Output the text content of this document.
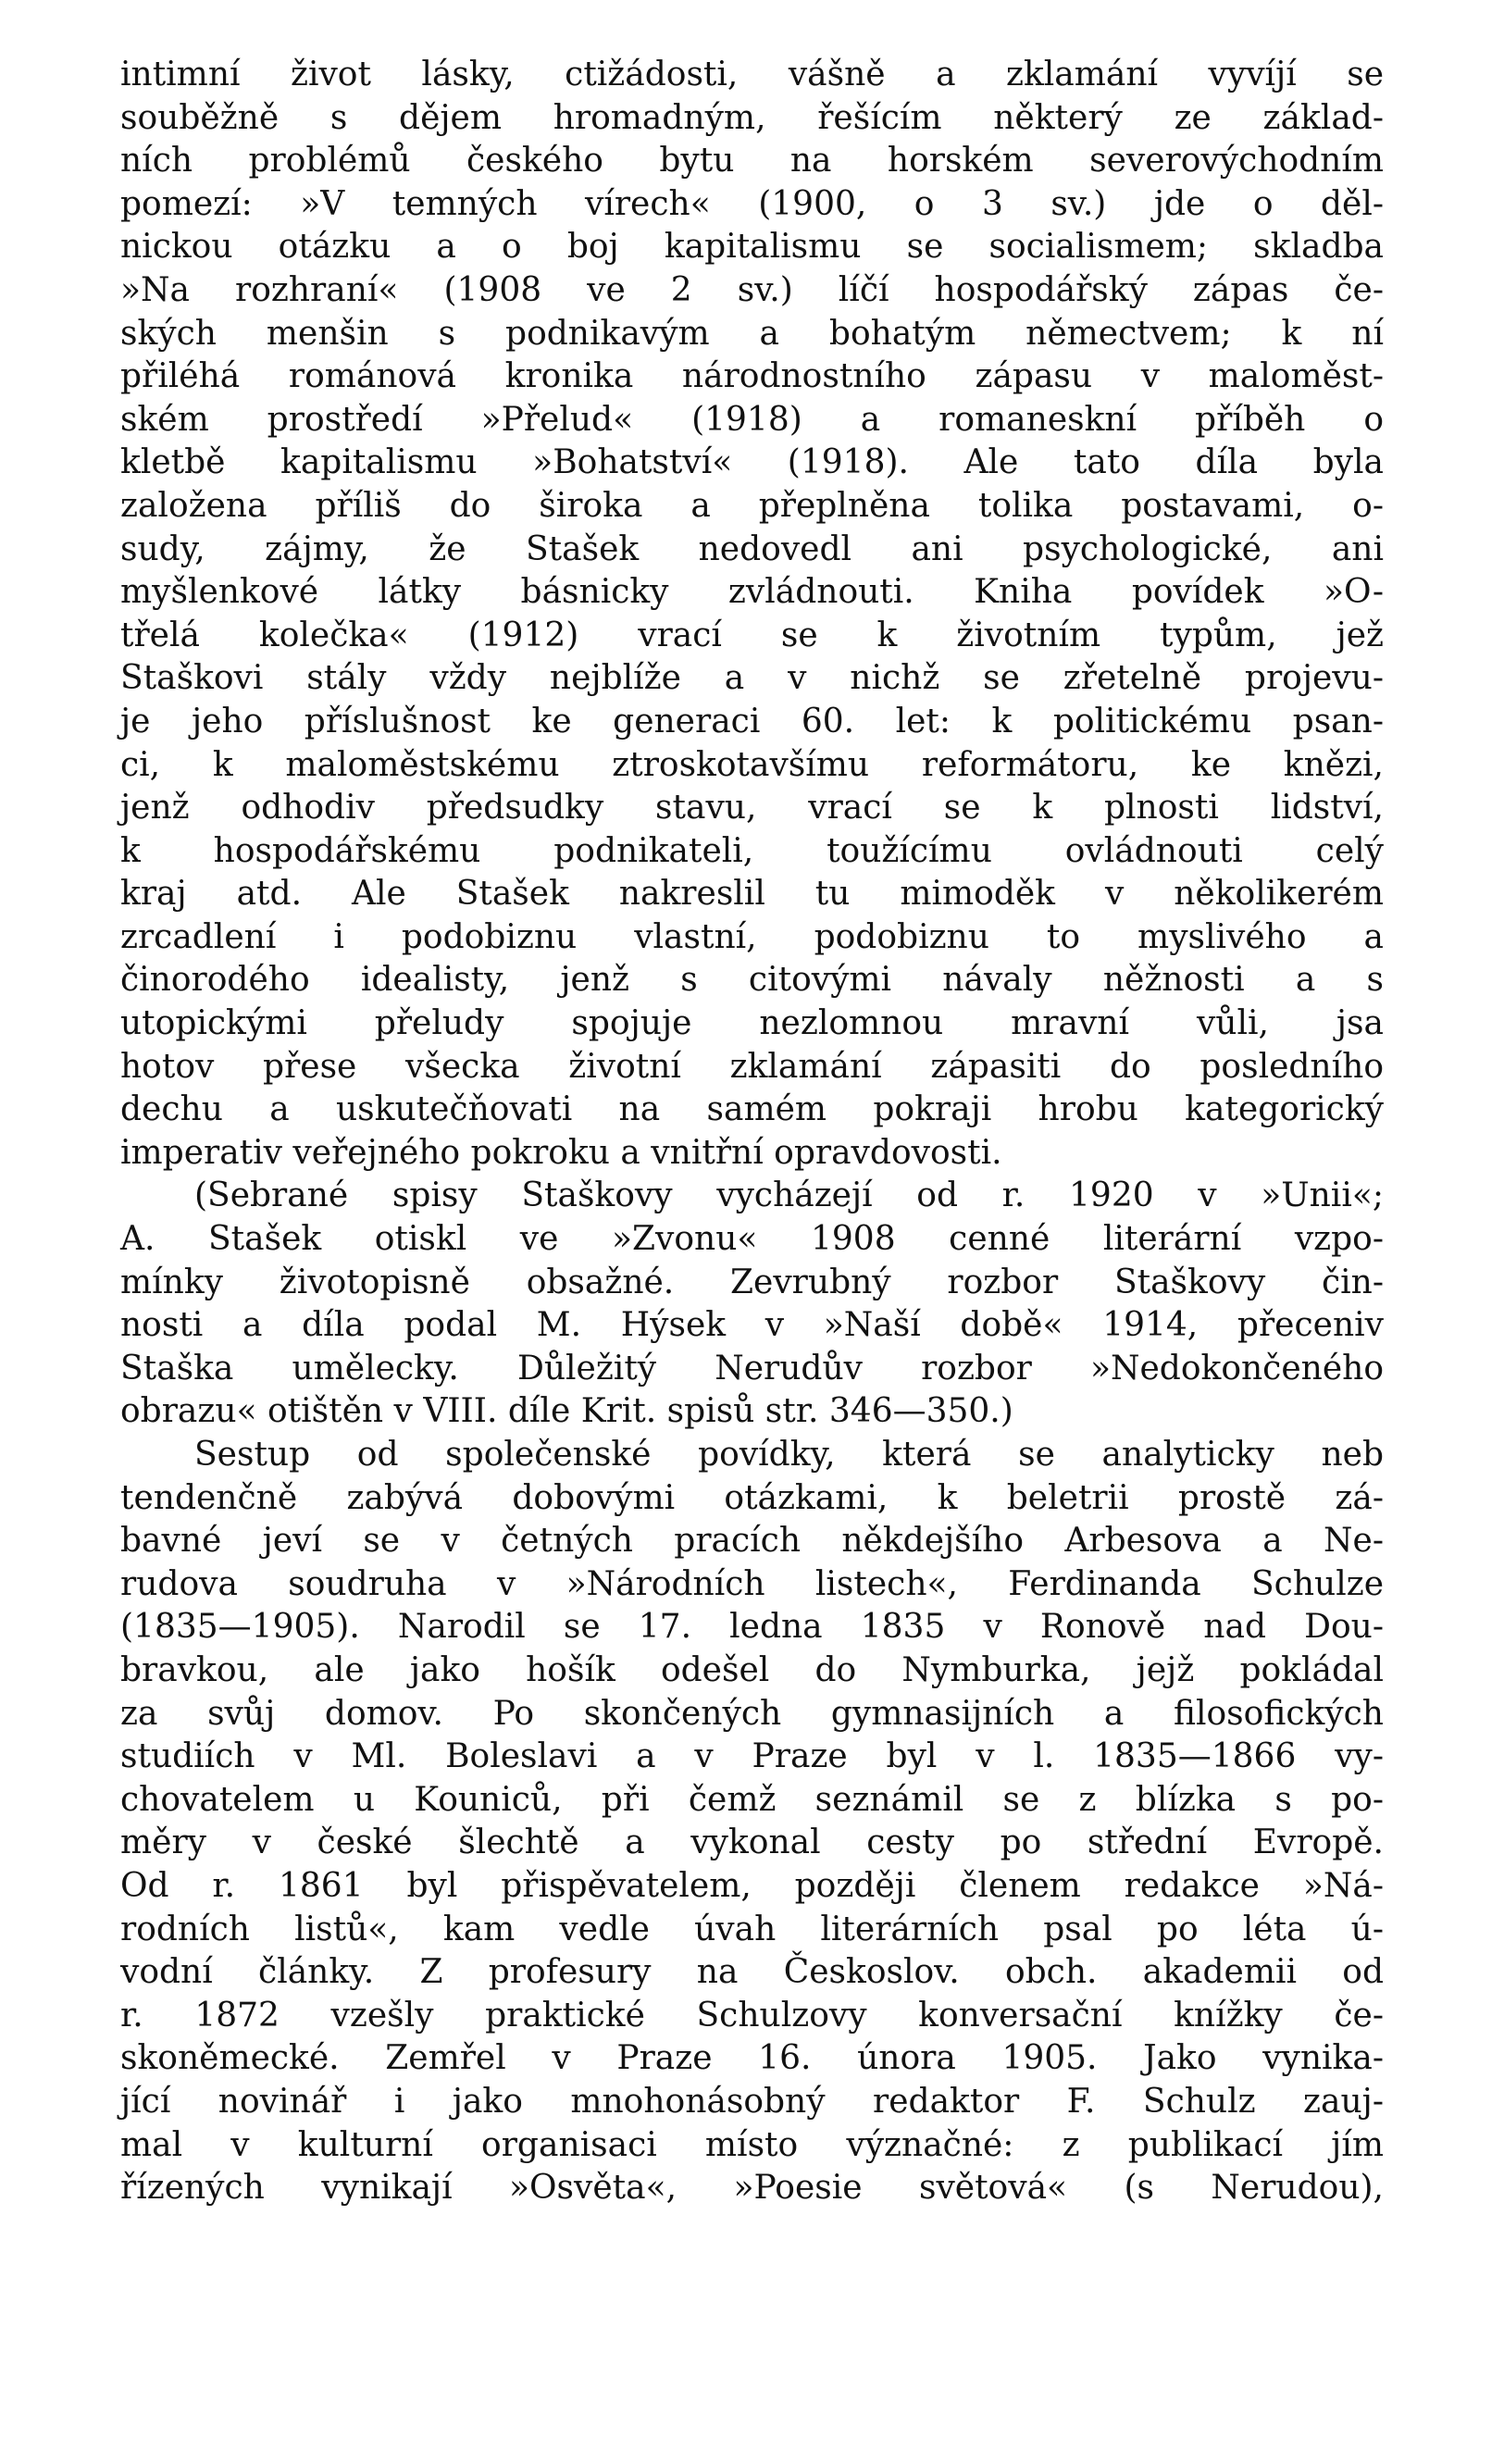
intimní život lásky, ctižádosti, vášně a zklamání vyvíjí se
souběžně s dějem hromadným, řešícím některý ze základ-
ních problémů českého bytu na horském severovýchodním
pomezí: »V temných vírech« (1900, o 3 sv.) jde o děl-
nickou otázku a o boj kapitalismu se socialismem; skladba
»Na rozhraní« (1908 ve 2 sv.) líčí hospodářský zápas če-
ských menšin s podnikavým a bohatým němectvem; k ní
přiléhá románová kronika národnostního zápasu v maloměst-
ském prostředí »Přelud« (1918) a romaneskní příběh o
kletbě kapitalismu »Bohatství« (1918). Ale tato díla byla
založena příliš do široka a přeplněna tolika postavami, o-
sudy, zájmy, že Stašek nedovedl ani psychologické, ani
myšlenkové látky básnicky zvládnouti. Kniha povídek »O-
třelá kolečka« (1912) vrací se k životním typům, jež
Staškovi stály vždy nejblíže a v nichž se zřetelně projevu-
je jeho příslušnost ke generaci 60. let: k politickému psan-
ci, k maloměstskému ztroskotavšímu reformátoru, ke knězi,
jenž odhodiv předsudky stavu, vrací se k plnosti lidství,
k hospodářskému podnikateli, toužícímu ovládnouti celý
kraj atd. Ale Stašek nakreslil tu mimoděk v několikerém
zrcadlení i podobiznu vlastní, podobiznu to myslivého a
činorodého idealisty, jenž s citovými návaly něžnosti a s
utopickými přeludy spojuje nezlomnou mravní vůli, jsa
hotov přese všecka životní zklamání zápasiti do posledního
dechu a uskutečňovati na samém pokraji hrobu kategorický
imperativ veřejného pokroku a vnitřní opravdovosti.
(Sebrané spisy Staškovy vycházejí od r. 1920 v »Unii«;
A. Stašek otiskl ve »Zvonu« 1908 cenné literární vzpo-
mínky životopisně obsažné. Zevrubný rozbor Staškovy čin-
nosti a díla podal M. Hýsek v »Naší době« 1914, přeceniv
Staška umělecky. Důležitý Nerudův rozbor »Nedokončeného
obrazu« otištěn v VIII. díle Krit. spisů str. 346—350.)
Sestup od společenské povídky, která se analyticky neb
tendenčně zabývá dobovými otázkami, k beletrii prostě zá-
bavné jeví se v četných pracích někdejšího Arbesova a Ne-
rudova soudruha v »Národních listech«, Ferdinanda Schulze
(1835—1905). Narodil se 17. ledna 1835 v Ronově nad Dou-
bravkou, ale jako hošík odešel do Nymburka, jejž pokládal
za svůj domov. Po skončených gymnasijních a filosofických
studiích v Ml. Boleslavi a v Praze byl v l. 1835—1866 vy-
chovatelem u Kouniců, při čemž seznámil se z blízka s po-
měry v české šlechtě a vykonal cesty po střední Evropě.
Od r. 1861 byl přispěvatelem, později členem redakce »Ná-
rodních listů«, kam vedle úvah literárních psal po léta ú-
vodní články. Z profesury na Českoslov. obch. akademii od
r. 1872 vzešly praktické Schulzovy konversační knížky če-
skoněmecké. Zemřel v Praze 16. února 1905. Jako vynika-
jící novinář i jako mnohonásobný redaktor F. Schulz zauj-
mal v kulturní organisaci místo význačné: z publikací jím
řízených vynikají »Osvěta«, »Poesie světová« (s Nerudou),
